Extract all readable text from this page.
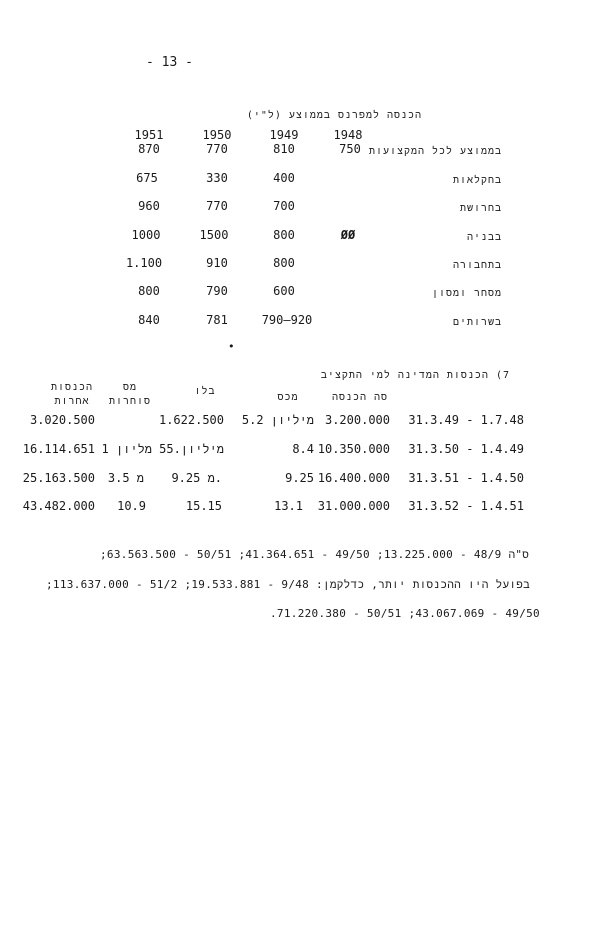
- 13 -
הכנסה למפרנס בממוצע (ל"י)
1948
1949
1950
1951
בממוצע לכל המקצועות
750
810
770
870
בחקלאות
400
330
675
בחרושת
700
770
960
בבניה
ØØ
800
1500
1000
בתחבורה
800
910
1.100
מסחר ומסון
600
790
800
בשרותים
790–920
781
840
•
7) הכנסות המדינה למי התקציב
סה הכנסה
מכס
בלו
מס
סוחרות
הכנסות
אחרות
31.3.49 - 1.7.48
3.200.000
5.2 מיליון
1.622.500
3.020.500
31.3.50 - 1.4.49
10.350.000
8.4
5מיליון.5
1 מליון
16.114.651
31.3.51 - 1.4.50
16.400.000
9.25
9.25 מ.
3.5 מ
25.163.500
31.3.52 - 1.4.51
31.000.000
13.1
15.15
10.9
43.482.000
;63.563.500 - 50/51 ;41.364.651 - 49/50 ;13.225.000 - 48/9 ס"ה
;113.637.000 - 51/2 ;בפועל היו ההכנסות יותר, כדלקמן: 9/48 - 19.533.881
.71.220.380 - 50/51 ;43.067.069 - 49/50
